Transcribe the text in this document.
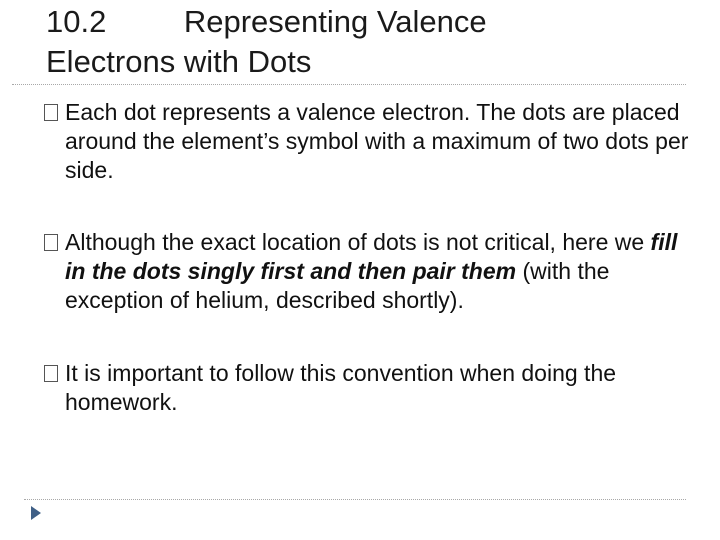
10.2         Representing Valence
Electrons with Dots
Each dot represents a valence electron. The dots are placed around the element’s symbol with a maximum of two dots per side.
Although the exact location of dots is not critical, here we fill in the dots singly first and then pair them (with the exception of helium, described shortly).
It is important to follow this convention when doing the homework.
